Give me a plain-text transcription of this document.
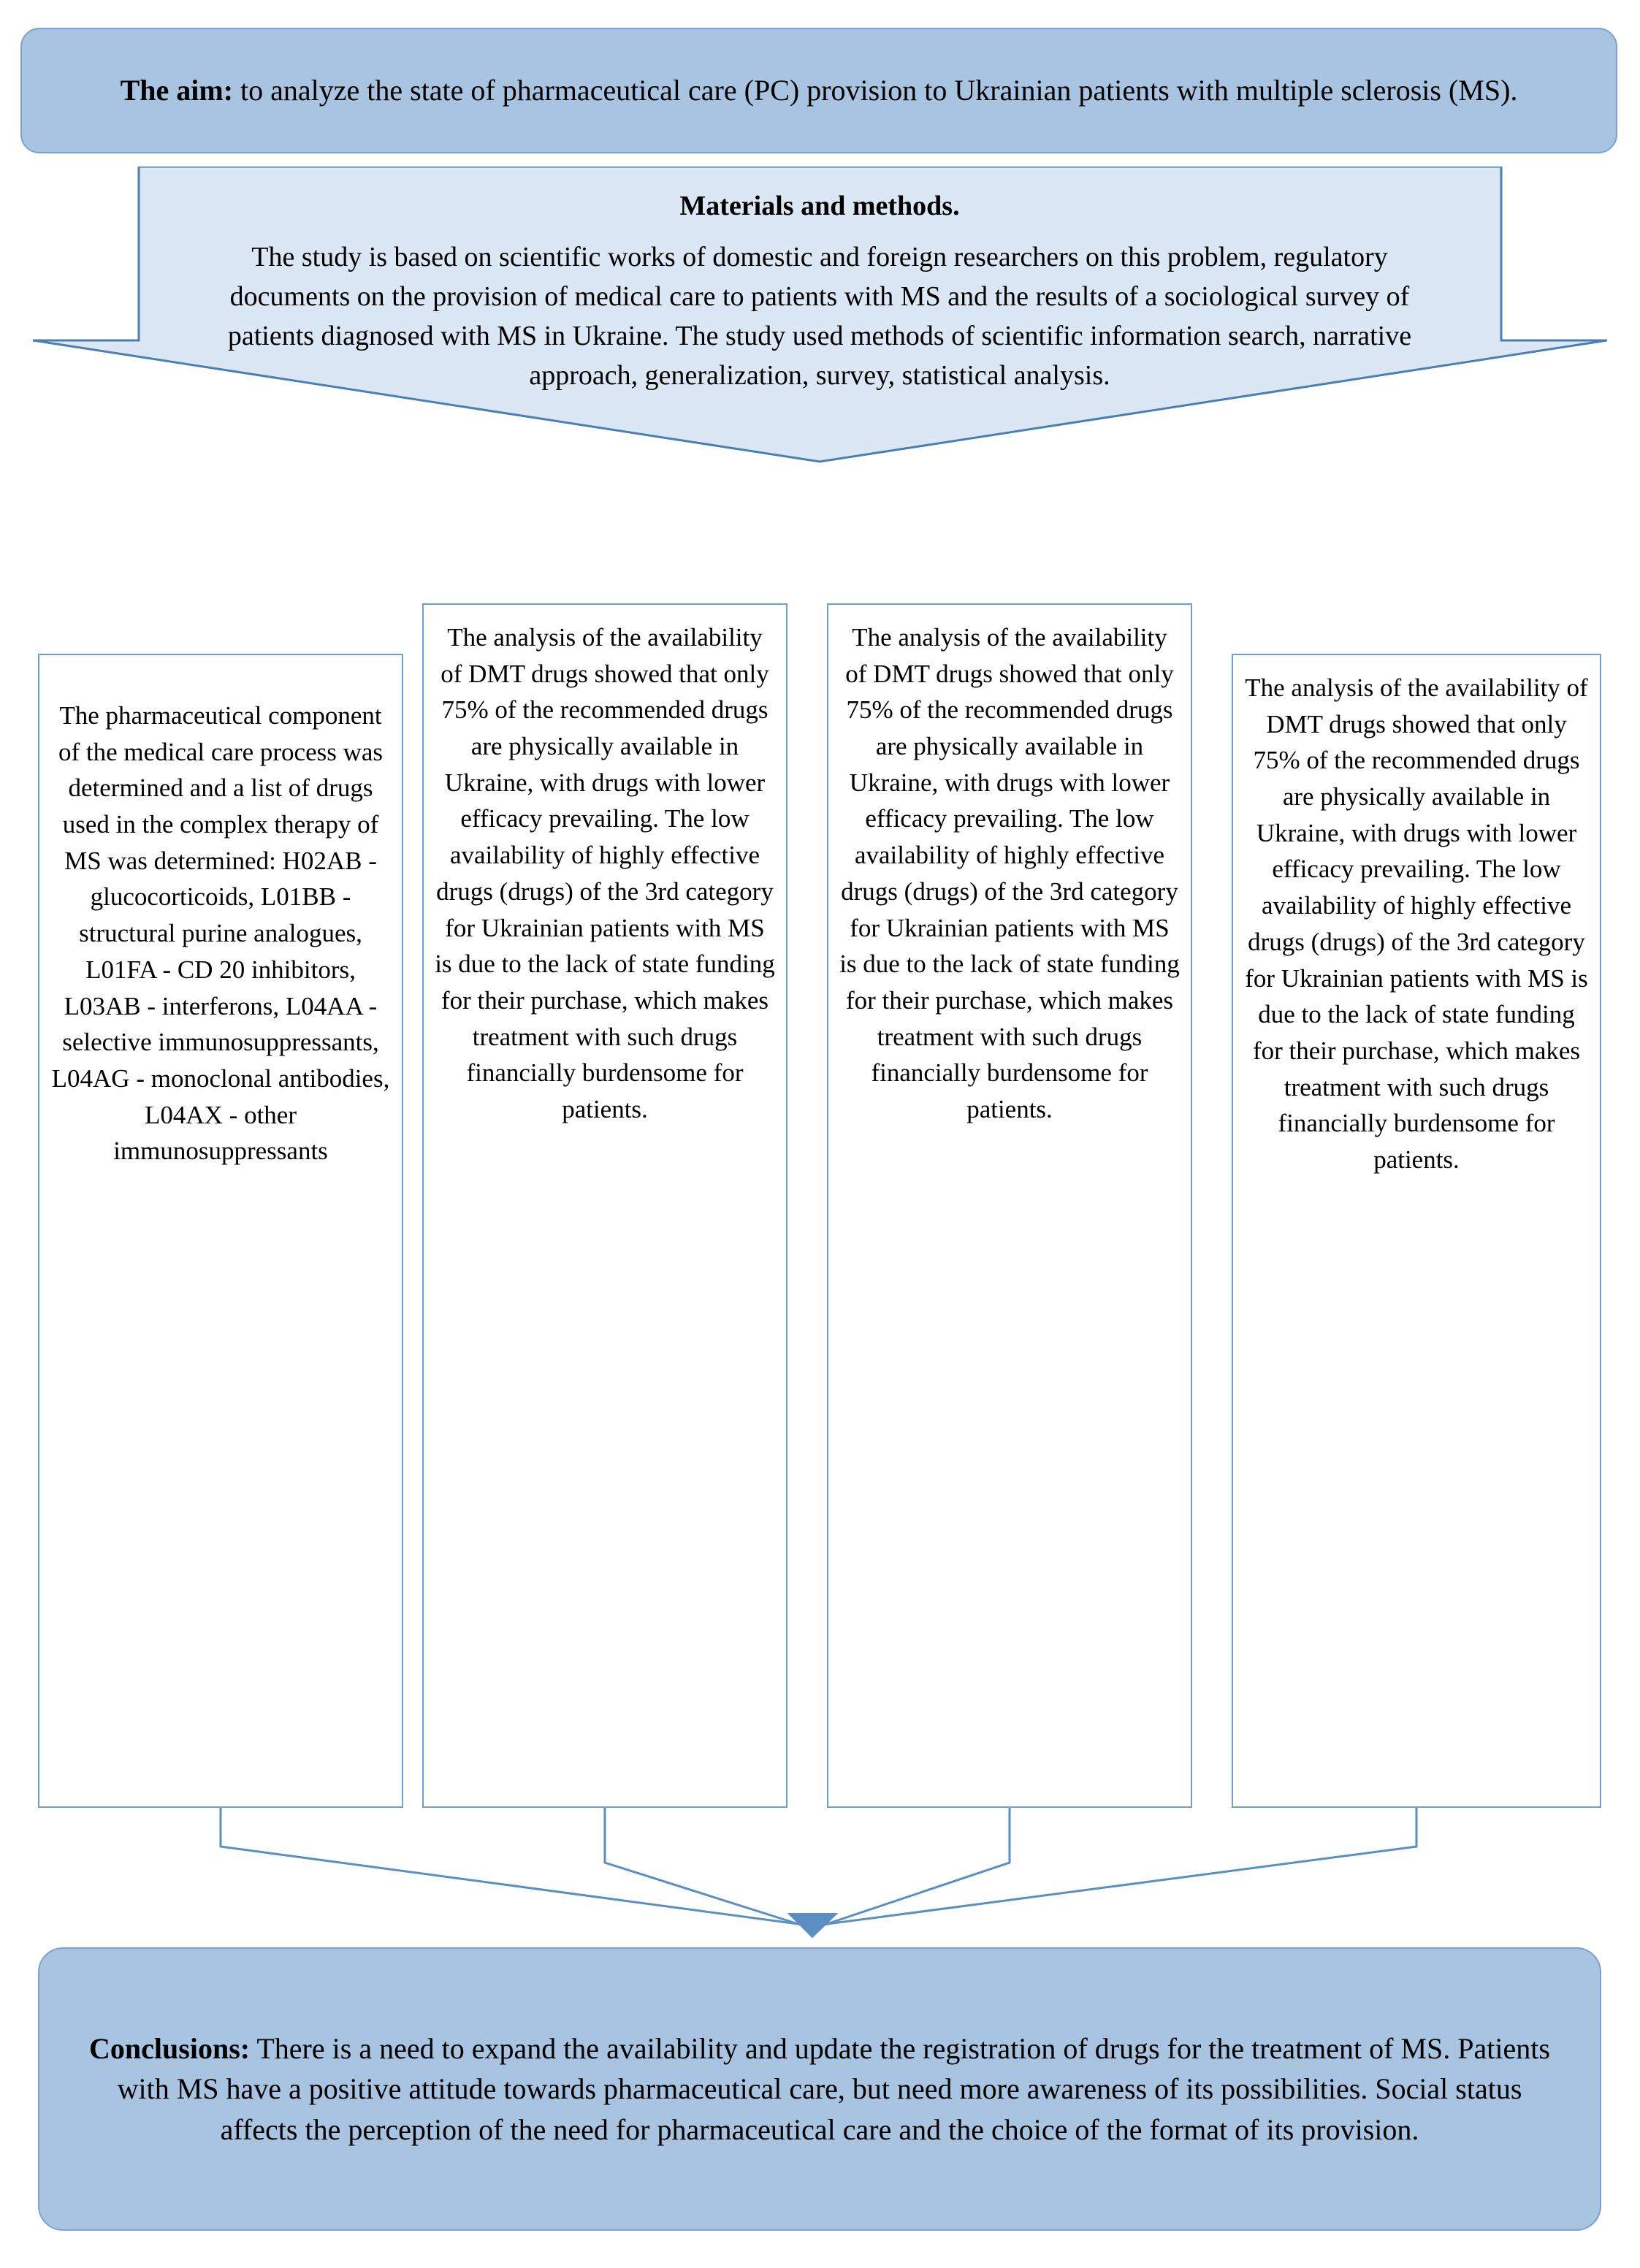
The aim: to analyze the state of pharmaceutical care (PC) provision to Ukrainian patients with multiple sclerosis (MS).
Materials and methods.
The study is based on scientific works of domestic and foreign researchers on this problem, regulatory documents on the provision of medical care to patients with MS and the results of a sociological survey of patients diagnosed with MS in Ukraine. The study used methods of scientific information search, narrative approach, generalization, survey, statistical analysis.
The pharmaceutical component of the medical care process was determined and a list of drugs used in the complex therapy of MS was determined: H02AB - glucocorticoids, L01BB - structural purine analogues, L01FA - CD 20 inhibitors, L03AB - interferons, L04AA - selective immunosuppressants, L04AG - monoclonal antibodies, L04AX - other immunosuppressants
The analysis of the availability of DMT drugs showed that only 75% of the recommended drugs are physically available in Ukraine, with drugs with lower efficacy prevailing. The low availability of highly effective drugs (drugs) of the 3rd category for Ukrainian patients with MS is due to the lack of state funding for their purchase, which makes treatment with such drugs financially burdensome for patients.
The analysis of the availability of DMT drugs showed that only 75% of the recommended drugs are physically available in Ukraine, with drugs with lower efficacy prevailing. The low availability of highly effective drugs (drugs) of the 3rd category for Ukrainian patients with MS is due to the lack of state funding for their purchase, which makes treatment with such drugs financially burdensome for patients.
The analysis of the availability of DMT drugs showed that only 75% of the recommended drugs are physically available in Ukraine, with drugs with lower efficacy prevailing. The low availability of highly effective drugs (drugs) of the 3rd category for Ukrainian patients with MS is due to the lack of state funding for their purchase, which makes treatment with such drugs financially burdensome for patients.
Conclusions: There is a need to expand the availability and update the registration of drugs for the treatment of MS. Patients with MS have a positive attitude towards pharmaceutical care, but need more awareness of its possibilities. Social status affects the perception of the need for pharmaceutical care and the choice of the format of its provision.
